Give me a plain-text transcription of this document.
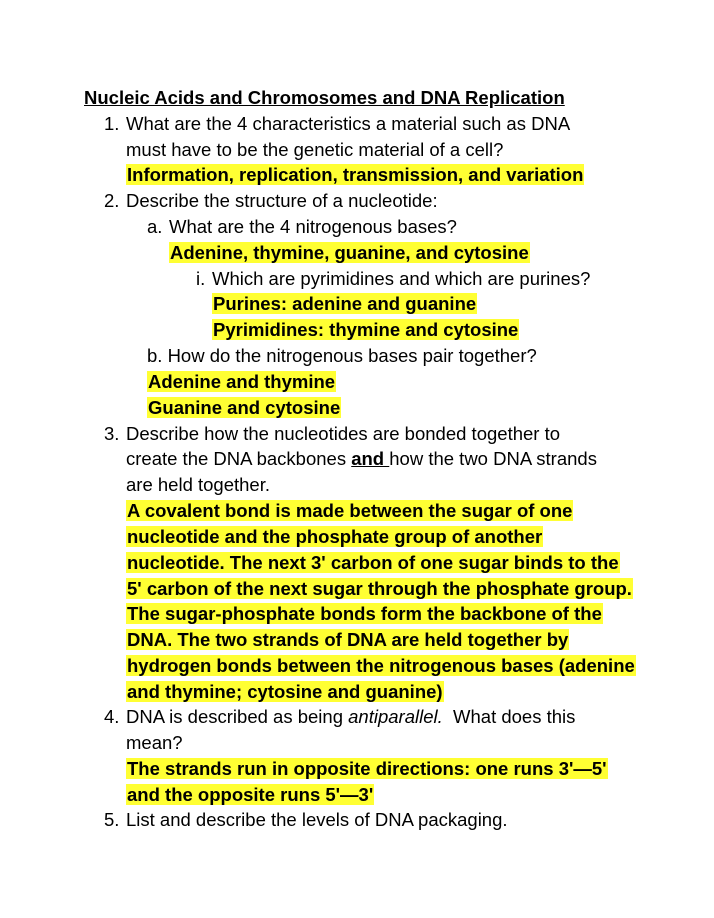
Nucleic Acids and Chromosomes and DNA Replication
1. What are the 4 characteristics a material such as DNA
must have to be the genetic material of a cell?
Information, replication, transmission, and variation
2. Describe the structure of a nucleotide:
a. What are the 4 nitrogenous bases?
Adenine, thymine, guanine, and cytosine
i. Which are pyrimidines and which are purines?
Purines: adenine and guanine
Pyrimidines: thymine and cytosine
b. How do the nitrogenous bases pair together?
Adenine and thymine
Guanine and cytosine
3. Describe how the nucleotides are bonded together to
create the DNA backbones and how the two DNA strands
are held together.
A covalent bond is made between the sugar of one
nucleotide and the phosphate group of another
nucleotide. The next 3' carbon of one sugar binds to the
5' carbon of the next sugar through the phosphate group.
The sugar-phosphate bonds form the backbone of the
DNA. The two strands of DNA are held together by
hydrogen bonds between the nitrogenous bases (adenine
and thymine; cytosine and guanine)
4. DNA is described as being antiparallel.  What does this
mean?
The strands run in opposite directions: one runs 3'—5'
and the opposite runs 5'—3'
5. List and describe the levels of DNA packaging.
